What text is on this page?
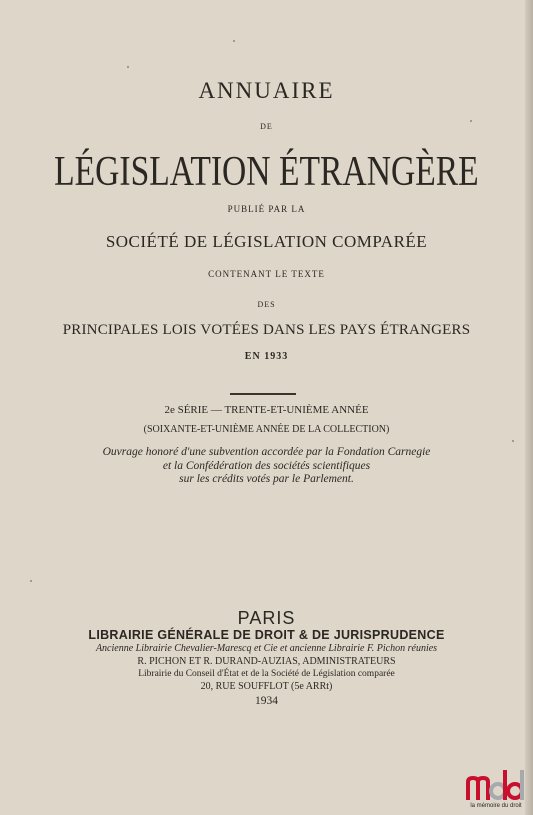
ANNUAIRE
DE
LÉGISLATION ÉTRANGÈRE
PUBLIÉ PAR LA
SOCIÉTÉ DE LÉGISLATION COMPARÉE
CONTENANT LE TEXTE
DES
PRINCIPALES LOIS VOTÉES DANS LES PAYS ÉTRANGERS
EN 1933
2e SÉRIE — TRENTE-ET-UNIÈME ANNÉE
(SOIXANTE-ET-UNIÈME ANNÉE DE LA COLLECTION)
Ouvrage honoré d'une subvention accordée par la Fondation Carnegie
et la Confédération des sociétés scientifiques
sur les crédits votés par le Parlement.
PARIS
LIBRAIRIE GÉNÉRALE DE DROIT & DE JURISPRUDENCE
Ancienne Librairie Chevalier-Marescq et Cie et ancienne Librairie F. Pichon réunies
R. PICHON ET R. DURAND-AUZIAS, ADMINISTRATEURS
Librairie du Conseil d'État et de la Société de Législation comparée
20, RUE SOUFFLOT (5e ARRt)
1934
la mémoire du droit
